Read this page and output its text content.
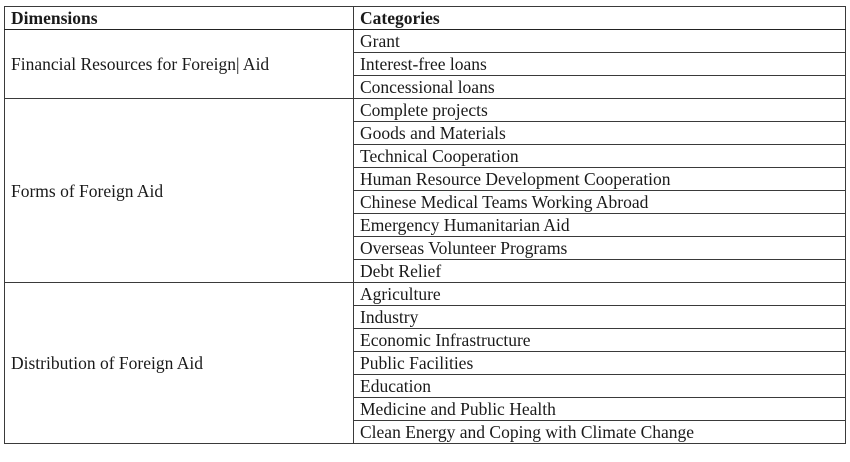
Dimensions	Categories
Financial Resources for Foreign| Aid	Grant
	Interest-free loans
	Concessional loans
Forms of Foreign Aid	Complete projects
	Goods and Materials
	Technical Cooperation
	Human Resource Development Cooperation
	Chinese Medical Teams Working Abroad
	Emergency Humanitarian Aid
	Overseas Volunteer Programs
	Debt Relief
Distribution of Foreign Aid	Agriculture
	Industry
	Economic Infrastructure
	Public Facilities
	Education
	Medicine and Public Health
	Clean Energy and Coping with Climate Change
